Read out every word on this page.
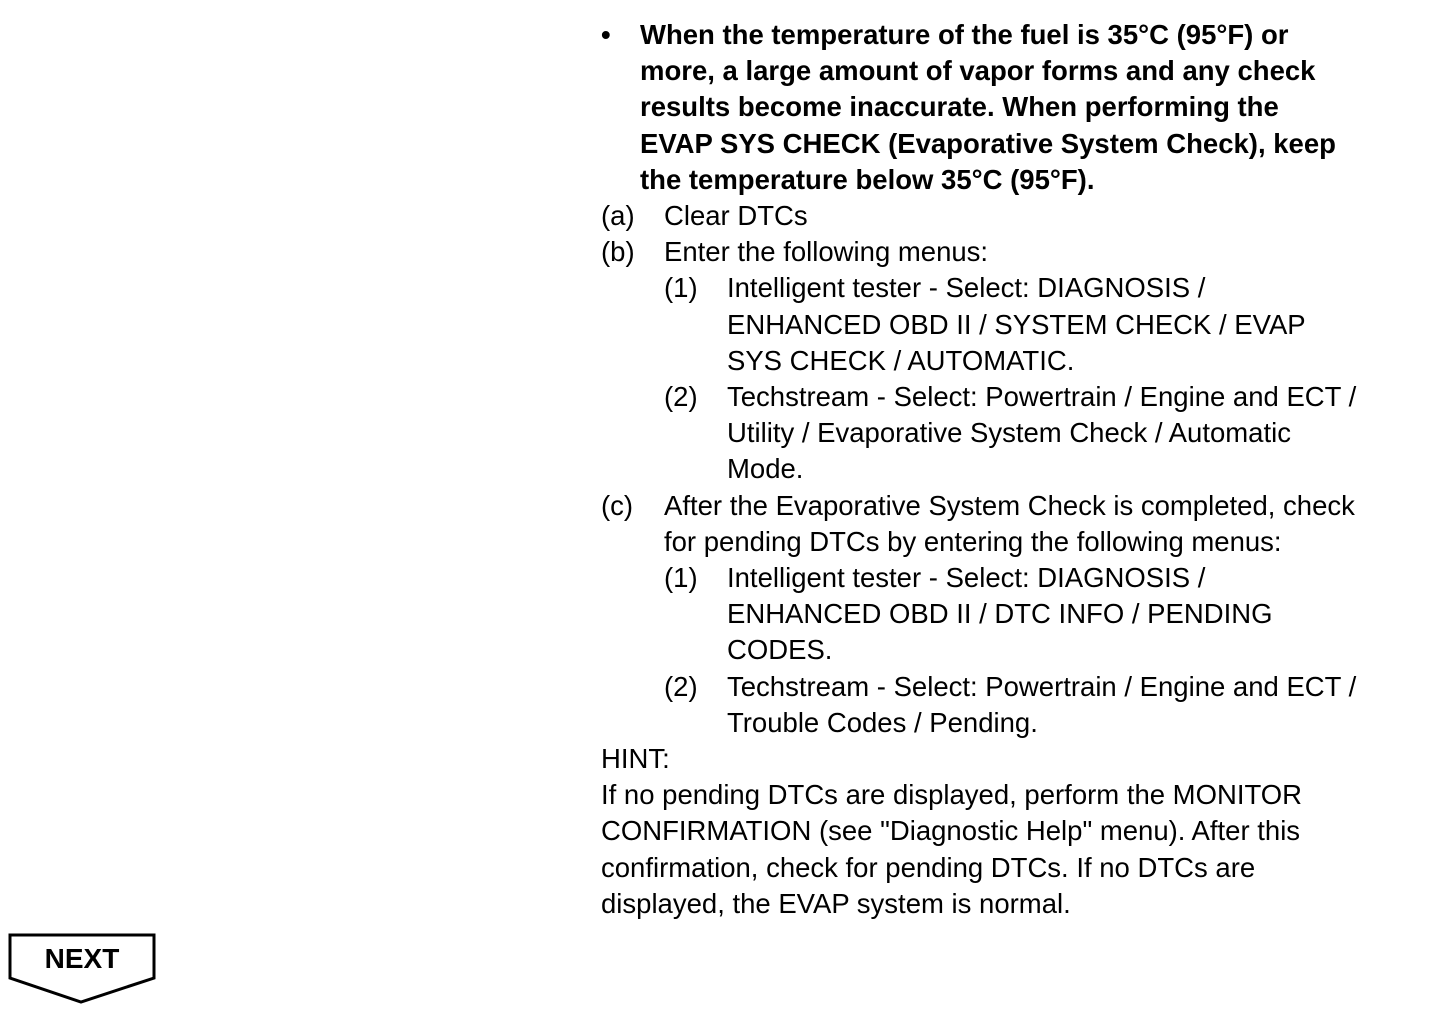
•	When the temperature of the fuel is 35°C (95°F) or
more, a large amount of vapor forms and any check
results become inaccurate. When performing the
EVAP SYS CHECK (Evaporative System Check), keep
the temperature below 35°C (95°F).
(a)	Clear DTCs
(b)	Enter the following menus:
(1)	Intelligent tester - Select: DIAGNOSIS /
ENHANCED OBD II / SYSTEM CHECK / EVAP
SYS CHECK / AUTOMATIC.
(2)	Techstream - Select: Powertrain / Engine and ECT /
Utility / Evaporative System Check / Automatic
Mode.
(c)	After the Evaporative System Check is completed, check
for pending DTCs by entering the following menus:
(1)	Intelligent tester - Select: DIAGNOSIS /
ENHANCED OBD II / DTC INFO / PENDING
CODES.
(2)	Techstream - Select: Powertrain / Engine and ECT /
Trouble Codes / Pending.
HINT:
If no pending DTCs are displayed, perform the MONITOR
CONFIRMATION (see "Diagnostic Help" menu). After this
confirmation, check for pending DTCs. If no DTCs are
displayed, the EVAP system is normal.
NEXT
